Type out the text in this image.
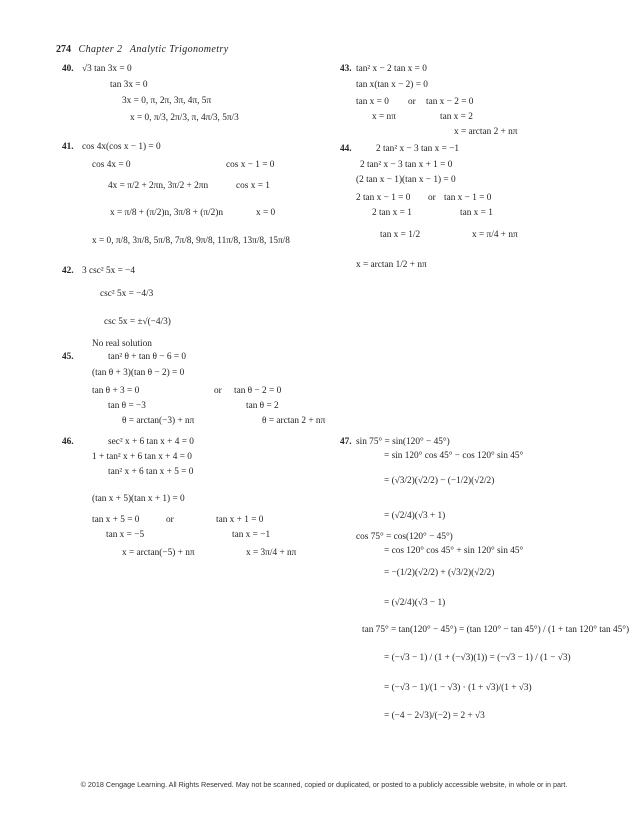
274 Chapter 2 Analytic Trigonometry
40. √3 tan 3x = 0
tan 3x = 0
3x = 0, π, 2π, 3π, 4π, 5π
x = 0, π/3, 2π/3, π, 4π/3, 5π/3
41. cos 4x(cos x − 1) = 0
cos 4x = 0	cos x − 1 = 0
4x = π/2 + 2πn, 3π/2 + 2πn	cos x = 1
x = π/8 + (π/2)n, 3π/8 + (π/2)n	x = 0
x = 0, π/8, 3π/8, 5π/8, 7π/8, 9π/8, 11π/8, 13π/8, 15π/8
42. 3 csc² 5x = −4
csc² 5x = −4/3
csc 5x = ±√(−4/3)
No real solution
45.	tan² θ + tan θ − 6 = 0
(tan θ + 3)(tan θ − 2) = 0
tan θ + 3 = 0	or tan θ − 2 = 0
tan θ = −3	tan θ = 2
θ = arctan(−3) + nπ	θ = arctan 2 + nπ
46.	sec² x + 6 tan x + 4 = 0
1 + tan² x + 6 tan x + 4 = 0
tan² x + 6 tan x + 5 = 0
(tan x + 5)(tan x + 1) = 0
tan x + 5 = 0	or	tan x + 1 = 0
tan x = −5	tan x = −1
x = arctan(−5) + nπ	x = 3π/4 + nπ
43. tan² x − 2 tan x = 0
tan x(tan x − 2) = 0
tan x = 0 or tan x − 2 = 0
x = nπ	tan x = 2
x = arctan 2 + nπ
44.	2 tan² x − 3 tan x = −1
2 tan² x − 3 tan x + 1 = 0
(2 tan x − 1)(tan x − 1) = 0
2 tan x − 1 = 0 or tan x − 1 = 0
2 tan x = 1	tan x = 1
tan x = 1/2	x = π/4 + nπ
x = arctan 1/2 + nπ
47. sin 75° = sin(120° − 45°)
= sin 120° cos 45° − cos 120° sin 45°
= (√3/2)(√2/2) − (−1/2)(√2/2)
= (√2/4)(√3 + 1)
cos 75° = cos(120° − 45°)
= cos 120° cos 45° + sin 120° sin 45°
= −(1/2)(√2/2) + (√3/2)(√2/2)
= (√2/4)(√3 − 1)
tan 75° = tan(120° − 45°) = (tan 120° − tan 45°) / (1 + tan 120° tan 45°)
= (−√3 − 1) / (1 + (−√3)(1)) = (−√3 − 1) / (1 − √3)
= (−√3 − 1)/(1 − √3) · (1 + √3)/(1 + √3)
= (−4 − 2√3)/(−2) = 2 + √3
© 2018 Cengage Learning. All Rights Reserved. May not be scanned, copied or duplicated, or posted to a publicly accessible website, in whole or in part.
